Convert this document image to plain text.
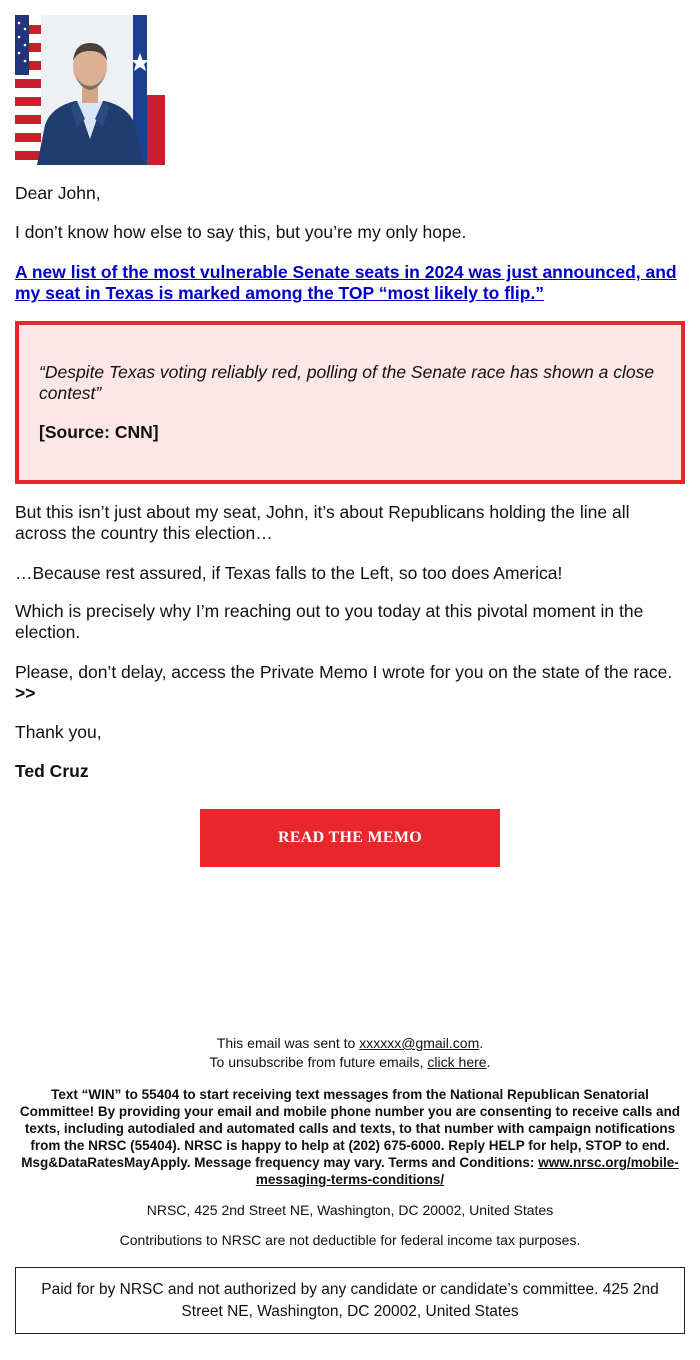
Dear John,
I don’t know how else to say this, but you’re my only hope.
A new list of the most vulnerable Senate seats in 2024 was just announced, and my seat in Texas is marked among the TOP “most likely to flip.”

“Despite Texas voting reliably red, polling of the Senate race has shown a close contest”

[Source: CNN]

But this isn’t just about my seat, John, it’s about Republicans holding the line all across the country this election…
…Because rest assured, if Texas falls to the Left, so too does America!
Which is precisely why I’m reaching out to you today at this pivotal moment in the election.
Please, don’t delay, access the Private Memo I wrote for you on the state of the race. >>
Thank you,
Ted Cruz
READ THE MEMO
This email was sent to xxxxxx@gmail.com.
To unsubscribe from future emails, click here.

Text “WIN” to 55404 to start receiving text messages from the National Republican Senatorial Committee! By providing your email and mobile phone number you are consenting to receive calls and texts, including autodialed and automated calls and texts, to that number with campaign notifications from the NRSC (55404). NRSC is happy to help at (202) 675-6000. Reply HELP for help, STOP to end. Msg&DataRatesMayApply. Message frequency may vary. Terms and Conditions: www.nrsc.org/mobile-messaging-terms-conditions/

NRSC, 425 2nd Street NE, Washington, DC 20002, United States

Contributions to NRSC are not deductible for federal income tax purposes.

Paid for by NRSC and not authorized by any candidate or candidate’s committee. 425 2nd Street NE, Washington, DC 20002, United States
